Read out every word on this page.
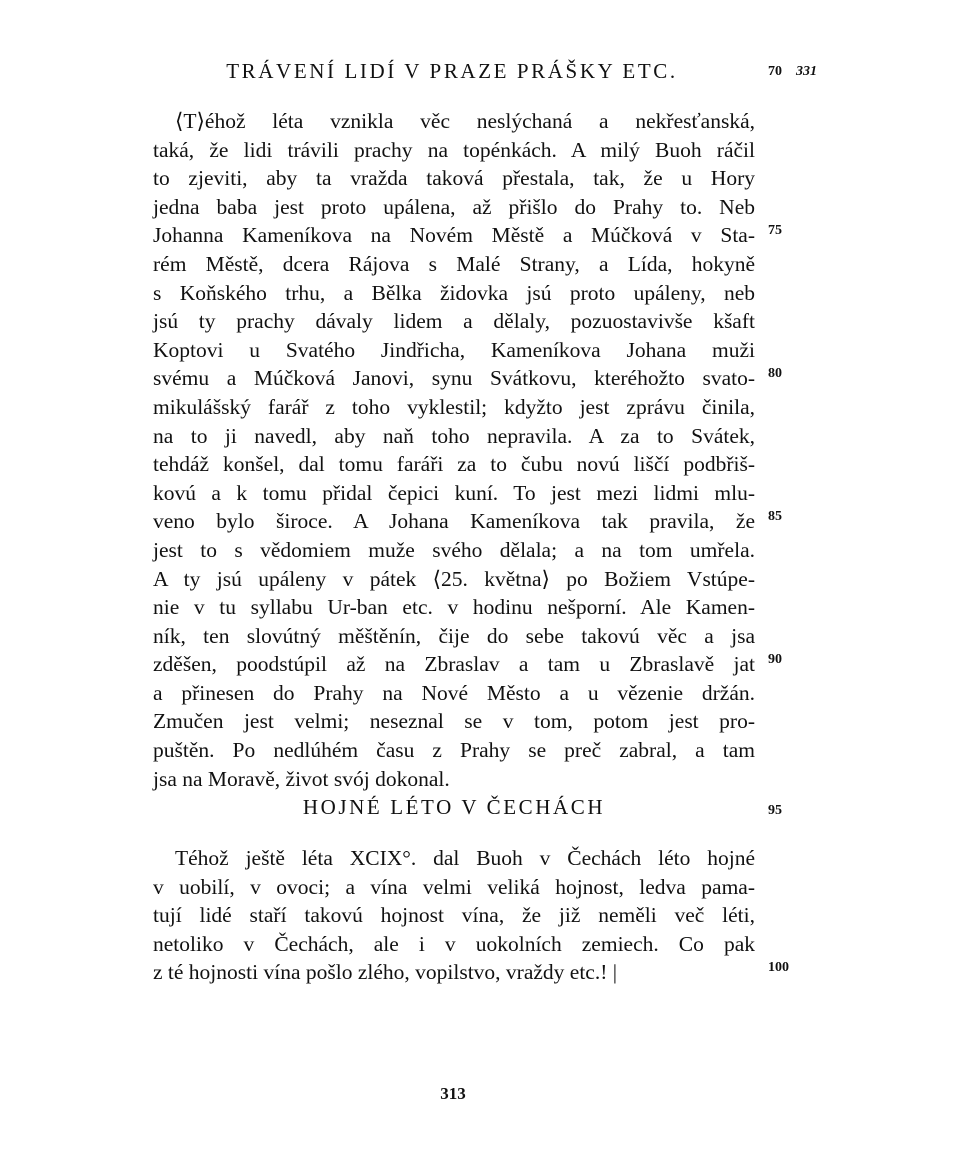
TRÁVENÍ LIDÍ V PRAZE PRÁŠKY ETC.	70 331
⟨T⟩éhož léta vznikla věc neslýchaná a nekřesťanská,
taká, že lidi trávili prachy na topénkách. A milý Buoh ráčil
to zjeviti, aby ta vražda taková přestala, tak, že u Hory
jedna baba jest proto upálena, až přišlo do Prahy to. Neb
Johanna Kameníkova na Novém Městě a Múčková v Sta-
rém Městě, dcera Rájova s Malé Strany, a Lída, hokyně
s Koňského trhu, a Bělka židovka jsú proto upáleny, neb
jsú ty prachy dávaly lidem a dělaly, pozuostavivše kšaft
Koptovi u Svatého Jindřicha, Kameníkova Johana muži
svému a Múčková Janovi, synu Svátkovu, kteréhožto svato-
mikulášský farář z toho vyklestil; kdyžto jest zprávu činila,
na to ji navedl, aby naň toho nepravila. A za to Svátek,
tehdáž konšel, dal tomu faráři za to čubu novú liščí podbřiš-
kovú a k tomu přidal čepici kuní. To jest mezi lidmi mlu-
veno bylo široce. A Johana Kameníkova tak pravila, že
jest to s vědomiem muže svého dělala; a na tom umřela.
A ty jsú upáleny v pátek ⟨25. května⟩ po Božiem Vstúpe-
nie v tu syllabu Ur-ban etc. v hodinu nešporní. Ale Kamen-
ník, ten slovútný měštěnín, čije do sebe takovú věc a jsa
zděšen, poodstúpil až na Zbraslav a tam u Zbraslavě jat
a přinesen do Prahy na Nové Město a u vězenie držán.
Zmučen jest velmi; neseznal se v tom, potom jest pro-
puštěn. Po nedlúhém času z Prahy se preč zabral, a tam
jsa na Moravě, život svój dokonal.
HOJNÉ LÉTO V ČECHÁCH
Téhož ještě léta XCIX°. dal Buoh v Čechách léto hojné
v uobilí, v ovoci; a vína velmi veliká hojnost, ledva pama-
tují lidé staří takovú hojnost vína, že již neměli več léti,
netoliko v Čechách, ale i v uokolních zemiech. Co pak
z té hojnosti vína pošlo zlého, vopilstvo, vraždy etc.! |
75
80
85
90
95
100
313
